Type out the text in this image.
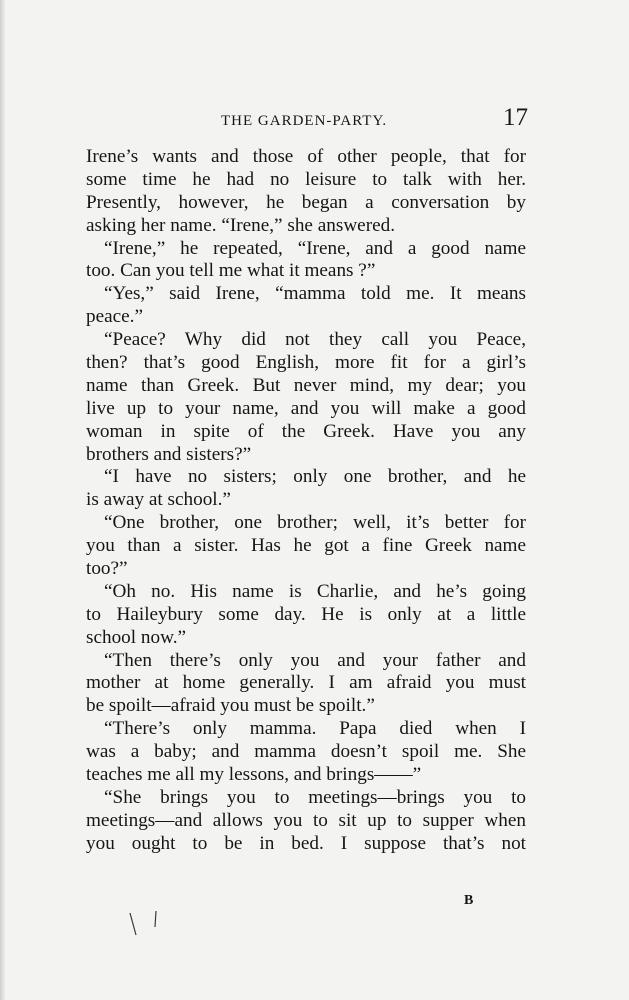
THE GARDEN-PARTY.	17
Irene’s wants and those of other people, that for
some time he had no leisure to talk with her.
Presently, however, he began a conversation by
asking her name. “Irene,” she answered.
“Irene,” he repeated, “Irene, and a good name
too. Can you tell me what it means ?”
“Yes,” said Irene, “mamma told me. It means
peace.”
“Peace? Why did not they call you Peace,
then? that’s good English, more fit for a girl’s
name than Greek. But never mind, my dear; you
live up to your name, and you will make a good
woman in spite of the Greek. Have you any
brothers and sisters?”
“I have no sisters; only one brother, and he
is away at school.”
“One brother, one brother; well, it’s better for
you than a sister. Has he got a fine Greek name
too?”
“Oh no. His name is Charlie, and he’s going
to Haileybury some day. He is only at a little
school now.”
“Then there’s only you and your father and
mother at home generally. I am afraid you must
be spoilt—afraid you must be spoilt.”
“There’s only mamma. Papa died when I
was a baby; and mamma doesn’t spoil me. She
teaches me all my lessons, and brings——”
“She brings you to meetings—brings you to
meetings—and allows you to sit up to supper when
you ought to be in bed. I suppose that’s not
B
